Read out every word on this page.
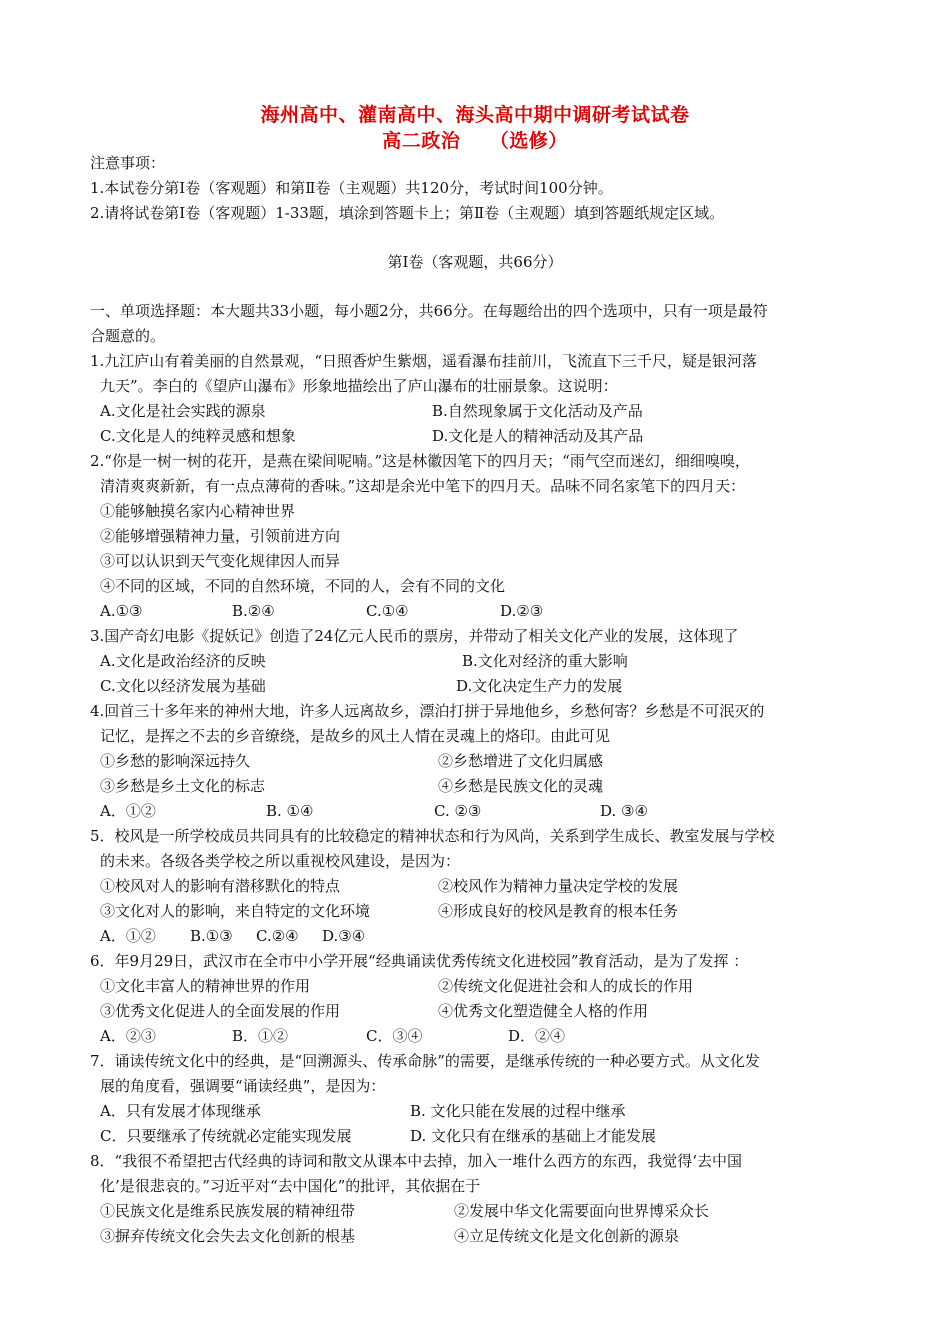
海州高中、灌南高中、海头高中期中调研考试试卷
高二政治　　（选修）
注意事项：
1.本试卷分第Ⅰ卷（客观题）和第Ⅱ卷（主观题）共120分，考试时间100分钟。
2.请将试卷第Ⅰ卷（客观题）1-33题，填涂到答题卡上；第Ⅱ卷（主观题）填到答题纸规定区域。
第Ⅰ卷（客观题，共66分）
一、单项选择题：本大题共33小题，每小题2分，共66分。在每题给出的四个选项中，只有一项是最符
合题意的。
1.九江庐山有着美丽的自然景观，“日照香炉生紫烟，遥看瀑布挂前川，飞流直下三千尺，疑是银河落
九天”。李白的《望庐山瀑布》形象地描绘出了庐山瀑布的壮丽景象。这说明：
A.文化是社会实践的源泉	B.自然现象属于文化活动及产品
C.文化是人的纯粹灵感和想象	D.文化是人的精神活动及其产品
2.“你是一树一树的花开，是燕在梁间呢喃。”这是林徽因笔下的四月天；“雨气空而迷幻，细细嗅嗅，
清清爽爽新新，有一点点薄荷的香味。”这却是余光中笔下的四月天。品味不同名家笔下的四月天：
①能够触摸名家内心精神世界
②能够增强精神力量，引领前进方向
③可以认识到天气变化规律因人而异
④不同的区域，不同的自然环境，不同的人，会有不同的文化
A.①③	B.②④	C.①④	D.②③
3.国产奇幻电影《捉妖记》创造了24亿元人民币的票房，并带动了相关文化产业的发展，这体现了
A.文化是政治经济的反映	B.文化对经济的重大影响
C.文化以经济发展为基础	D.文化决定生产力的发展
4.回首三十多年来的神州大地，许多人远离故乡，漂泊打拼于异地他乡，乡愁何寄？乡愁是不可泯灭的
记忆，是挥之不去的乡音缭绕，是故乡的风土人情在灵魂上的烙印。由此可见
①乡愁的影响深远持久	②乡愁增进了文化归属感
③乡愁是乡土文化的标志	④乡愁是民族文化的灵魂
A．①②	B. ①④	C. ②③	D. ③④
5．校风是一所学校成员共同具有的比较稳定的精神状态和行为风尚，关系到学生成长、教室发展与学校
的未来。各级各类学校之所以重视校风建设，是因为：
①校风对人的影响有潜移默化的特点	②校风作为精神力量决定学校的发展
③文化对人的影响，来自特定的文化环境	④形成良好的校风是教育的根本任务
A．①② B.①③ C.②④ D.③④
6．年9月29日，武汉市在全市中小学开展“经典诵读优秀传统文化进校园”教育活动，是为了发挥 ：
①文化丰富人的精神世界的作用	②传统文化促进社会和人的成长的作用
③优秀文化促进人的全面发展的作用	④优秀文化塑造健全人格的作用
A．②③	B．①②	C．③④	D．②④
7．诵读传统文化中的经典，是“回溯源头、传承命脉”的需要，是继承传统的一种必要方式。从文化发
展的角度看，强调要“诵读经典”，是因为：
A．只有发展才体现继承	B. 文化只能在发展的过程中继承
C．只要继承了传统就必定能实现发展	D. 文化只有在继承的基础上才能发展
8．“我很不希望把古代经典的诗词和散文从课本中去掉，加入一堆什么西方的东西，我觉得‘去中国
化’是很悲哀的。”习近平对“去中国化”的批评，其依据在于
①民族文化是维系民族发展的精神纽带	②发展中华文化需要面向世界博采众长
③摒弃传统文化会失去文化创新的根基	④立足传统文化是文化创新的源泉
